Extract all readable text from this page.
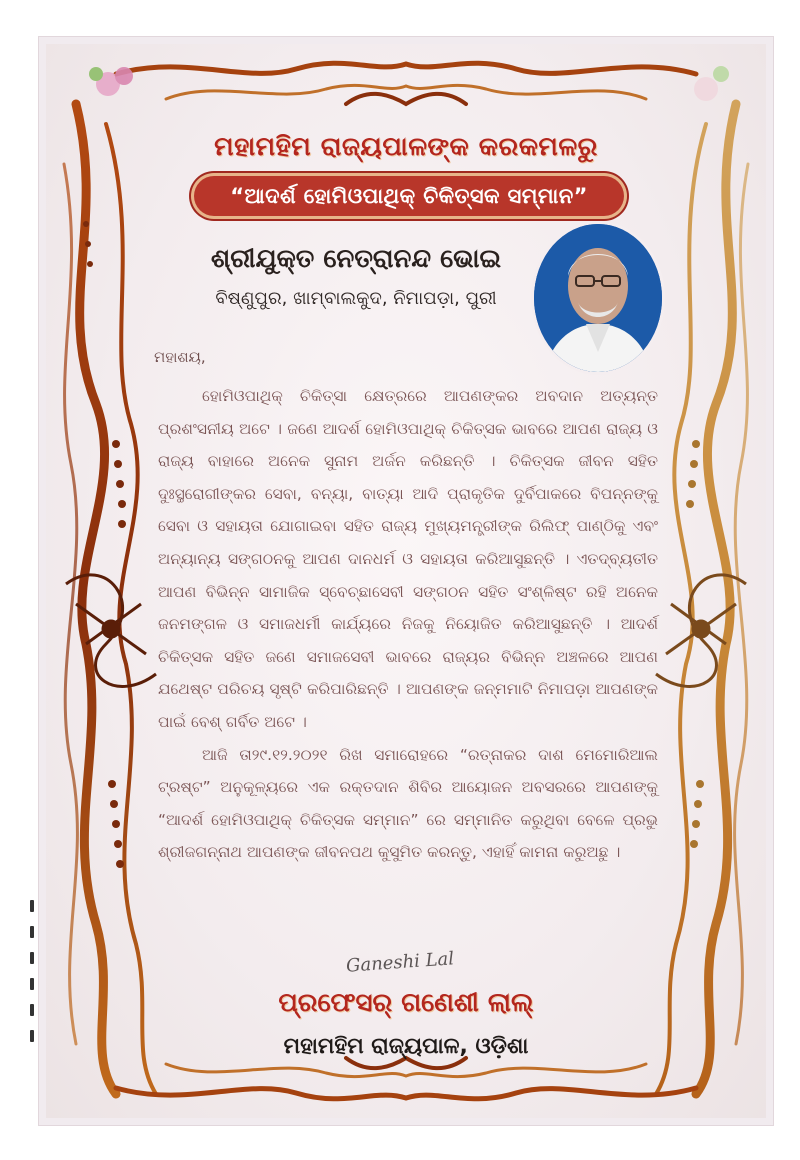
ମହାମହିମ ରାଜ୍ୟପାଳଙ୍କ କରକମଳରୁ
“ଆଦର୍ଶ ହୋମିଓପାଥିକ୍ ଚିକିତ୍ସକ ସମ୍ମାନ”
ଶ୍ରୀଯୁକ୍ତ ନେତ୍ରାନନ୍ଦ ଭୋଇ
ବିଷ୍ଣୁପୁର, ଖାମ୍ବାଲକୁଦ, ନିମାପଡ଼ା, ପୁରୀ
ମହାଶୟ,

ହୋମିଓପାଥିକ୍ ଚିକିତ୍ସା କ୍ଷେତ୍ରରେ ଆପଣଙ୍କର ଅବଦାନ ଅତ୍ୟନ୍ତ ପ୍ରଶଂସନୀୟ ଅଟେ । ଜଣେ ଆଦର୍ଶ ହୋମିଓପାଥିକ୍ ଚିକିତ୍ସକ ଭାବରେ ଆପଣ ରାଜ୍ୟ ଓ ରାଜ୍ୟ ବାହାରେ ଅନେକ ସୁନାମ ଅର୍ଜନ କରିଛନ୍ତି । ଚିକିତ୍ସକ ଜୀବନ ସହିତ ଦୁଃସ୍ଥରୋଗୀଙ୍କର ସେବା, ବନ୍ୟା, ବାତ୍ୟା ଆଦି ପ୍ରାକୃତିକ ଦୁର୍ବିପାକରେ ବିପନ୍ନଙ୍କୁ ସେବା ଓ ସହାୟତା ଯୋଗାଇବା ସହିତ ରାଜ୍ୟ ମୁଖ୍ୟମନ୍ତ୍ରୀଙ୍କ ରିଲିଫ୍ ପାଣ୍ଠିକୁ ଏବଂ ଅନ୍ୟାନ୍ୟ ସଙ୍ଗଠନକୁ ଆପଣ ଦାନଧର୍ମ ଓ ସହାୟତା କରିଆସୁଛନ୍ତି । ଏତଦ୍ବ୍ୟତୀତ ଆପଣ ବିଭିନ୍ନ ସାମାଜିକ ସ୍ବେଚ୍ଛାସେବୀ ସଙ୍ଗଠନ ସହିତ ସଂଶ୍ଳିଷ୍ଟ ରହି ଅନେକ ଜନମଙ୍ଗଳ ଓ ସମାଜଧର୍ମୀ କାର୍ଯ୍ୟରେ ନିଜକୁ ନିୟୋଜିତ କରିଆସୁଛନ୍ତି । ଆଦର୍ଶ ଚିକିତ୍ସକ ସହିତ ଜଣେ ସମାଜସେବୀ ଭାବରେ ରାଜ୍ୟର ବିଭିନ୍ନ ଅଞ୍ଚଳରେ ଆପଣ ଯଥେଷ୍ଟ ପରିଚୟ ସୃଷ୍ଟି କରିପାରିଛନ୍ତି । ଆପଣଙ୍କ ଜନ୍ମମାଟି ନିମାପଡ଼ା ଆପଣଙ୍କ ପାଇଁ ବେଶ୍ ଗର୍ବିତ ଅଟେ ।

ଆଜି ତା୨୯.୧୨.୨୦୨୧ ରିଖ ସମାରୋହରେ “ରତ୍ନାକର ଦାଶ ମେମୋରିଆଲ ଟ୍ରଷ୍ଟ” ଅନୁକୂଳ୍ୟରେ ଏକ ରକ୍ତଦାନ ଶିବିର ଆୟୋଜନ ଅବସରରେ ଆପଣଙ୍କୁ “ଆଦର୍ଶ ହୋମିଓପାଥିକ୍ ଚିକିତ୍ସକ ସମ୍ମାନ” ରେ ସମ୍ମାନିତ କରୁଥିବା ବେଳେ ପ୍ରଭୁ ଶ୍ରୀଜଗନ୍ନାଥ ଆପଣଙ୍କ ଜୀବନପଥ କୁସୁମିତ କରନ୍ତୁ, ଏହାହିଁ କାମନା କରୁଅଛୁ ।

Ganeshi Lal
ପ୍ରଫେସର୍ ଗଣେଶୀ ଲାଲ୍
ମହାମହିମ ରାଜ୍ୟପାଳ, ଓଡ଼ିଶା
